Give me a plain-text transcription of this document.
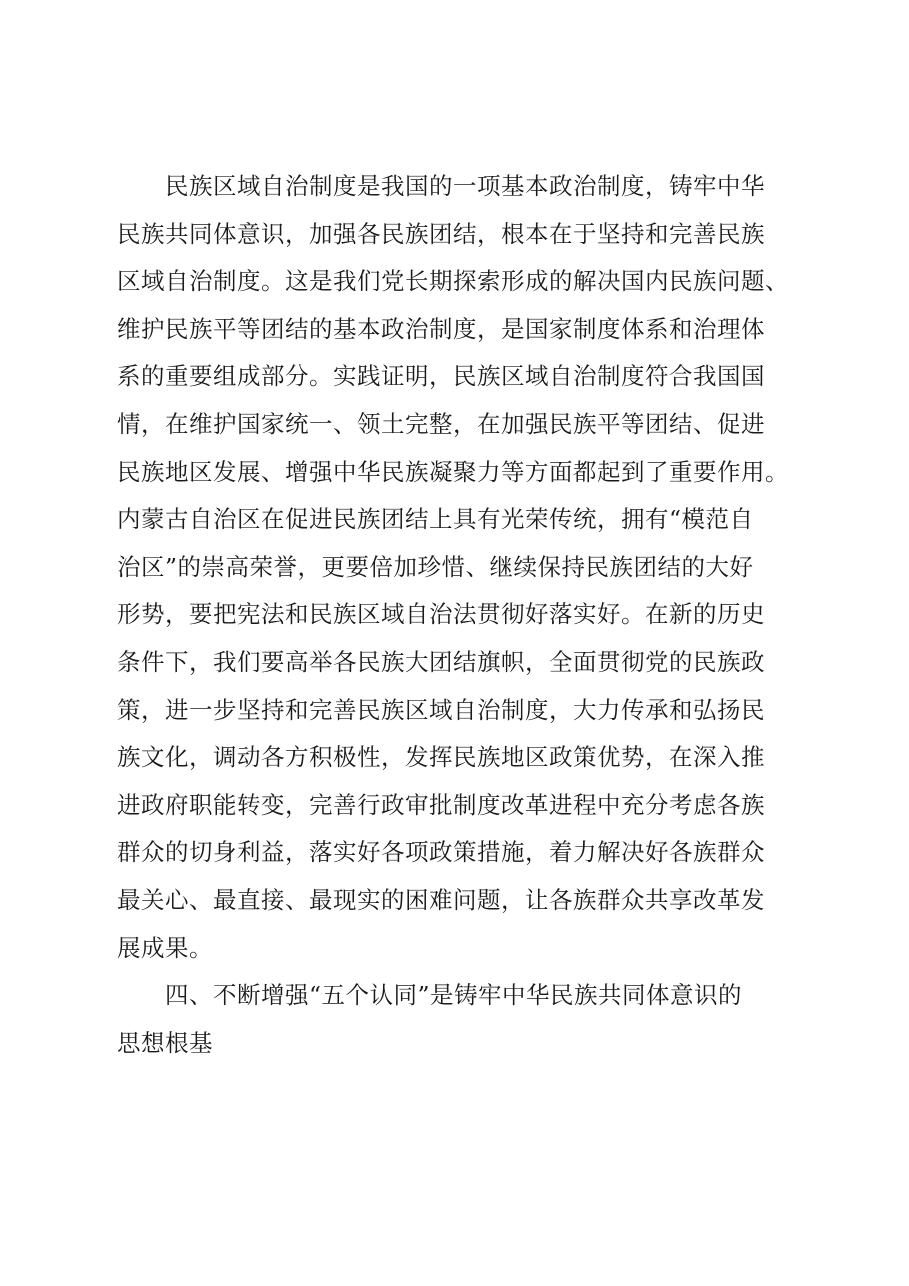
民族区域自治制度是我国的一项基本政治制度，铸牢中华
民族共同体意识，加强各民族团结，根本在于坚持和完善民族
区域自治制度。这是我们党长期探索形成的解决国内民族问题、
维护民族平等团结的基本政治制度，是国家制度体系和治理体
系的重要组成部分。实践证明，民族区域自治制度符合我国国
情，在维护国家统一、领土完整，在加强民族平等团结、促进
民族地区发展、增强中华民族凝聚力等方面都起到了重要作用。
内蒙古自治区在促进民族团结上具有光荣传统，拥有“模范自
治区”的崇高荣誉，更要倍加珍惜、继续保持民族团结的大好
形势，要把宪法和民族区域自治法贯彻好落实好。在新的历史
条件下，我们要高举各民族大团结旗帜，全面贯彻党的民族政
策，进一步坚持和完善民族区域自治制度，大力传承和弘扬民
族文化，调动各方积极性，发挥民族地区政策优势，在深入推
进政府职能转变，完善行政审批制度改革进程中充分考虑各族
群众的切身利益，落实好各项政策措施，着力解决好各族群众
最关心、最直接、最现实的困难问题，让各族群众共享改革发
展成果。
四、不断增强“五个认同”是铸牢中华民族共同体意识的
思想根基
